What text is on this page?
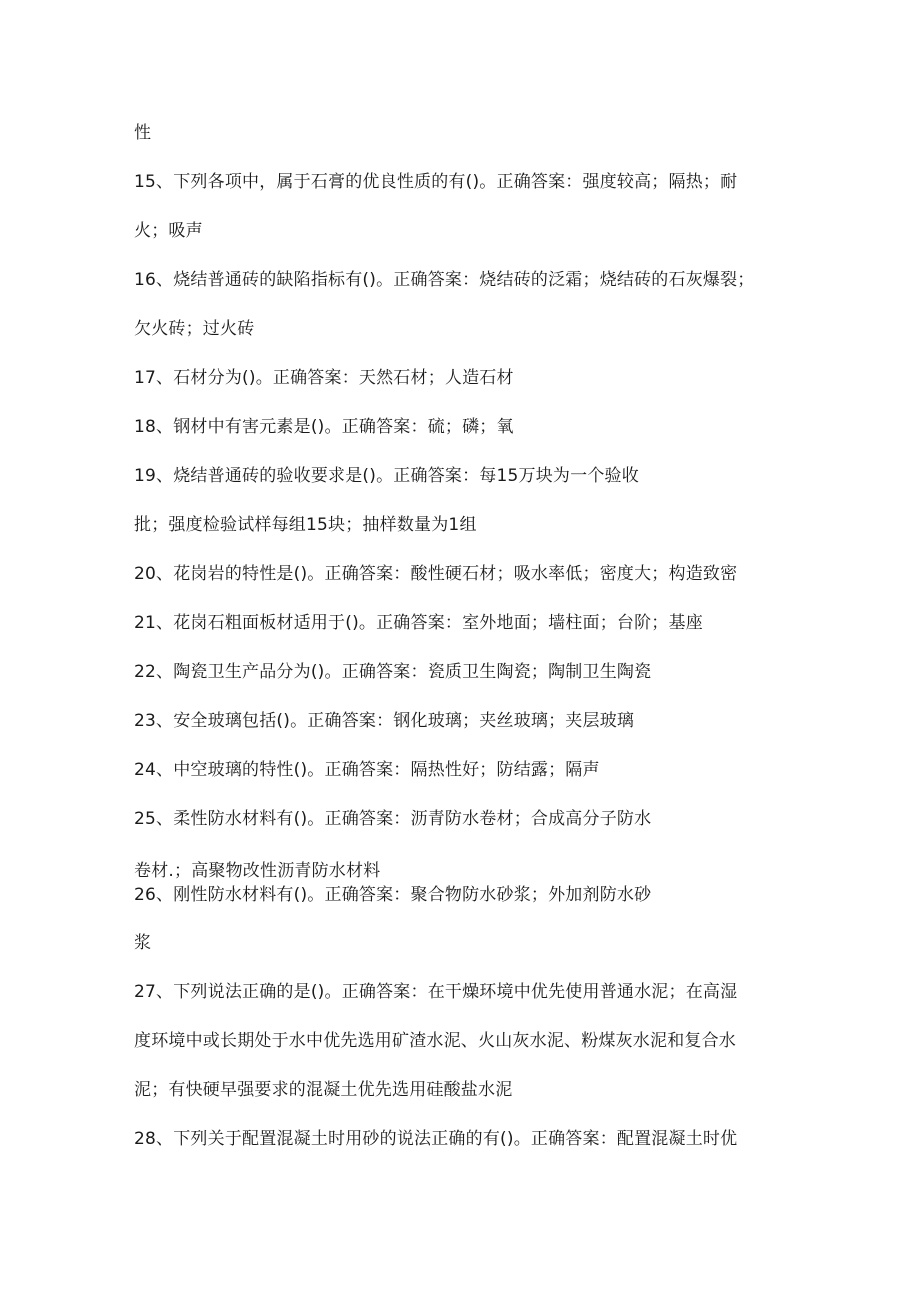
性
15、下列各项中，属于石膏的优良性质的有()。正确答案：强度较高；隔热；耐
火；吸声
16、烧结普通砖的缺陷指标有()。正确答案：烧结砖的泛霜；烧结砖的石灰爆裂；
欠火砖；过火砖
17、石材分为()。正确答案：天然石材；人造石材
18、钢材中有害元素是()。正确答案：硫；磷；氧
19、烧结普通砖的验收要求是()。正确答案：每15万块为一个验收
批；强度检验试样每组15块；抽样数量为1组
20、花岗岩的特性是()。正确答案：酸性硬石材；吸水率低；密度大；构造致密
21、花岗石粗面板材适用于()。正确答案：室外地面；墙柱面；台阶；基座
22、陶瓷卫生产品分为()。正确答案：瓷质卫生陶瓷；陶制卫生陶瓷
23、安全玻璃包括()。正确答案：钢化玻璃；夹丝玻璃；夹层玻璃
24、中空玻璃的特性()。正确答案：隔热性好；防结露；隔声
25、柔性防水材料有()。正确答案：沥青防水卷材；合成高分子防水
卷材.；高聚物改性沥青防水材料
26、刚性防水材料有()。正确答案：聚合物防水砂浆；外加剂防水砂
浆
27、下列说法正确的是()。正确答案：在干燥环境中优先使用普通水泥；在高湿
度环境中或长期处于水中优先选用矿渣水泥、火山灰水泥、粉煤灰水泥和复合水
泥；有快硬早强要求的混凝土优先选用硅酸盐水泥
28、下列关于配置混凝土时用砂的说法正确的有()。正确答案：配置混凝土时优
